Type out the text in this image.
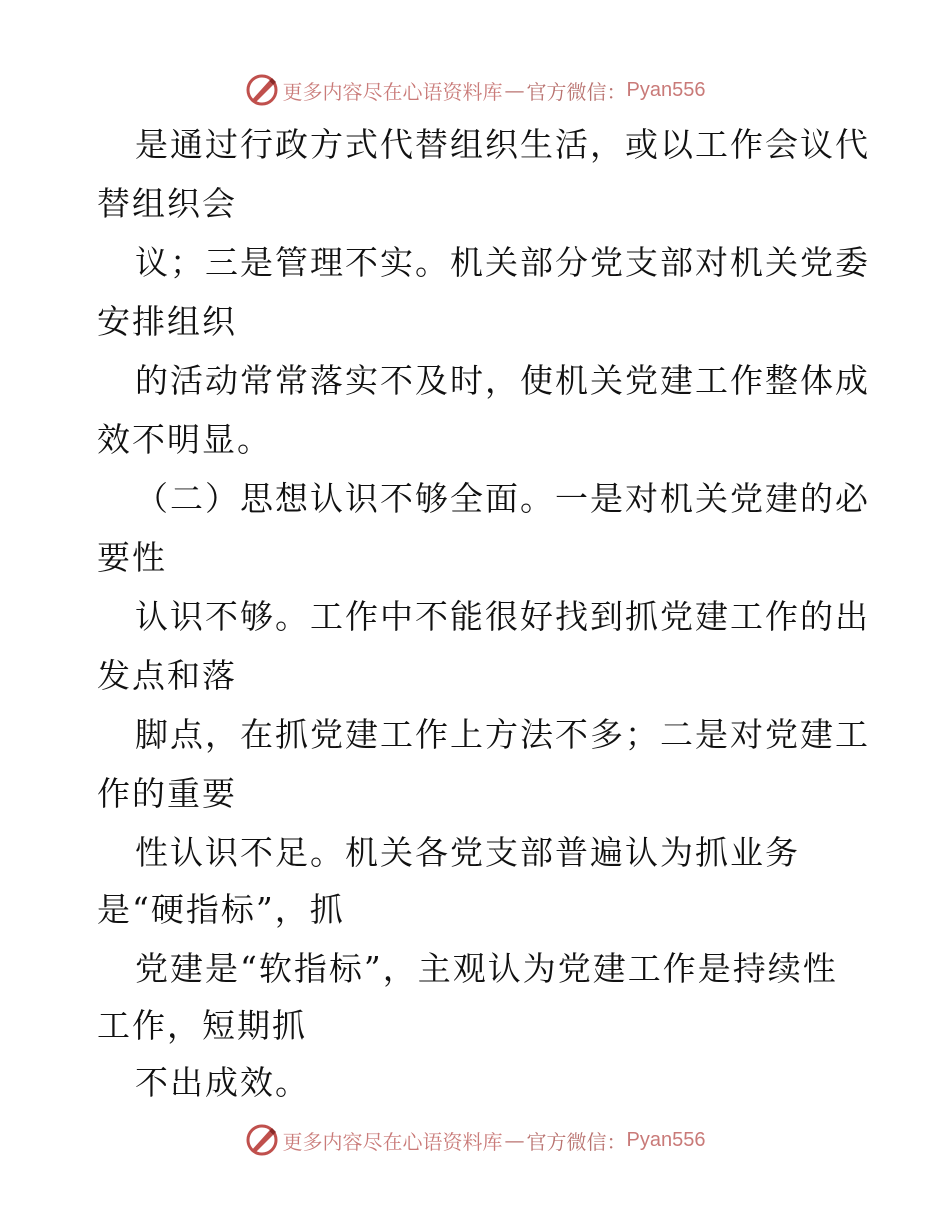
更多内容尽在心语资料库 — 官方微信： Pyan556
是通过行政方式代替组织生活，或以工作会议代
替组织会
议；三是管理不实。机关部分党支部对机关党委
安排组织
的活动常常落实不及时，使机关党建工作整体成
效不明显。
（二）思想认识不够全面。一是对机关党建的必
要性
认识不够。工作中不能很好找到抓党建工作的出
发点和落
脚点，在抓党建工作上方法不多；二是对党建工
作的重要
性认识不足。机关各党支部普遍认为抓业务
是“硬指标”，抓
党建是“软指标”，主观认为党建工作是持续性
工作，短期抓
不出成效。
更多内容尽在心语资料库 — 官方微信： Pyan556
